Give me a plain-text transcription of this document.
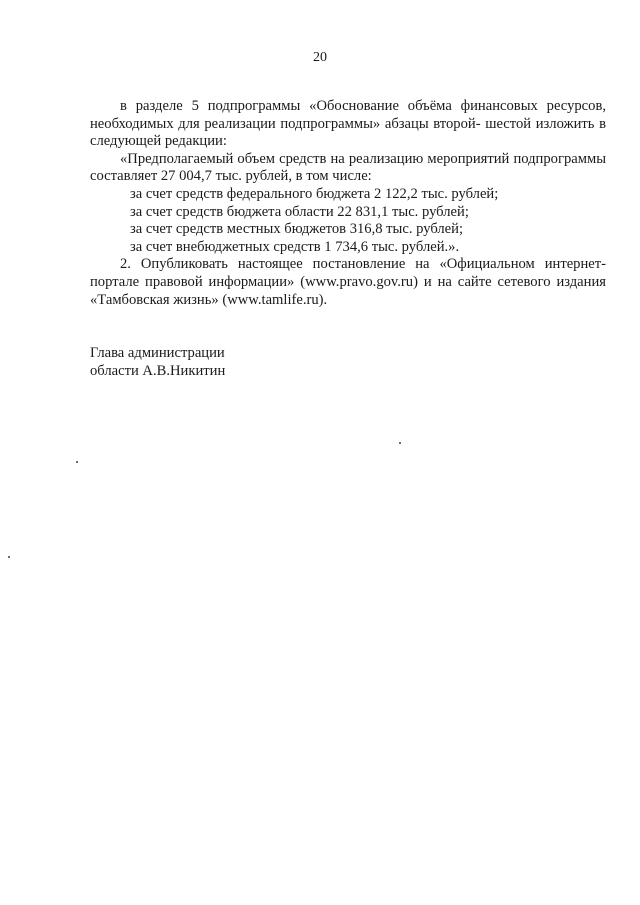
20

в разделе 5 подпрограммы «Обоснование объёма финансовых ресурсов, необходимых для реализации подпрограммы» абзацы второй- шестой изложить в следующей редакции:

«Предполагаемый объем средств на реализацию мероприятий подпрограммы составляет 27 004,7 тыс. рублей, в том числе:

за счет средств федерального бюджета 2 122,2 тыс. рублей;

за счет средств бюджета области 22 831,1 тыс. рублей;

за счет средств местных бюджетов 316,8 тыс. рублей;

за счет внебюджетных средств 1 734,6 тыс. рублей.».

2. Опубликовать настоящее постановление на «Официальном интернет-портале правовой информации» (www.pravo.gov.ru) и на сайте сетевого издания «Тамбовская жизнь» (www.tamlife.ru).

Глава администрации
области А.В.Никитин
